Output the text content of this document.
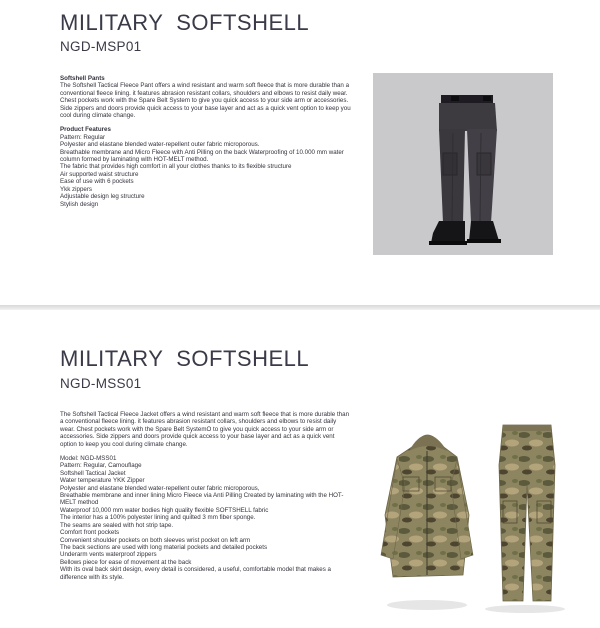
MILITARY  SOFTSHELL
NGD-MSP01

Softshell Pants

The Softshell Tactical Fleece Pant offers a wind resistant and warm soft fleece that is more durable than a conventional fleece lining. it features abrasion resistant collars, shoulders and elbows to resist daily wear. Chest pockets work with the Spare Belt System to give you quick access to your side arm or accessories. Side zippers and doors provide quick access to your base layer and act as a quick vent option to keep you cool during climate change.

Product Features

Pattern: Regular
Polyester and elastane blended water-repellent outer fabric microporous.
Breathable membrane and Micro Fleece with Anti Pilling on the back Waterproofing of 10.000 mm water column formed by laminating with HOT-MELT method.
The fabric that provides high comfort in all your clothes thanks to its flexible structure
Air supported waist structure
Ease of use with 6 pockets
Ykk zippers
Adjustable design leg structure
Stylish design
MILITARY  SOFTSHELL
NGD-MSS01

The Softshell Tactical Fleece Jacket offers a wind resistant and warm soft fleece that is more durable than a conventional fleece lining. it features abrasion resistant collars, shoulders and elbows to resist daily wear. Chest pockets work with the Spare Belt SystemO to give you quick access to your side arm or accessories. Side zippers and doors provide quick access to your base layer and act as a quick vent option to keep you cool during climate change.

Model: NGD-MSS01
Pattern: Regular, Camouflage
Softshell Tactical Jacket
Water temperature YKK Zipper
Polyester and elastane blended water-repellent outer fabric microporous,
Breathable membrane and inner lining Micro Fleece via Anti Pilling Created by laminating with the HOT-MELT method
Waterproof 10,000 mm water bodies high quality flexible SOFTSHELL fabric
The interior has a 100% polyester lining and quilted 3 mm fiber sponge.
The seams are sealed with hot strip tape.
Comfort front pockets
Convenient shoulder pockets on both sleeves wrist pocket on left arm
The back sections are used with long material pockets and detailed pockets
Underarm vents waterproof zippers
Bellows piece for ease of movement at the back
With its oval back skirt design, every detail is considered, a useful, comfortable model that makes a difference with its style.
